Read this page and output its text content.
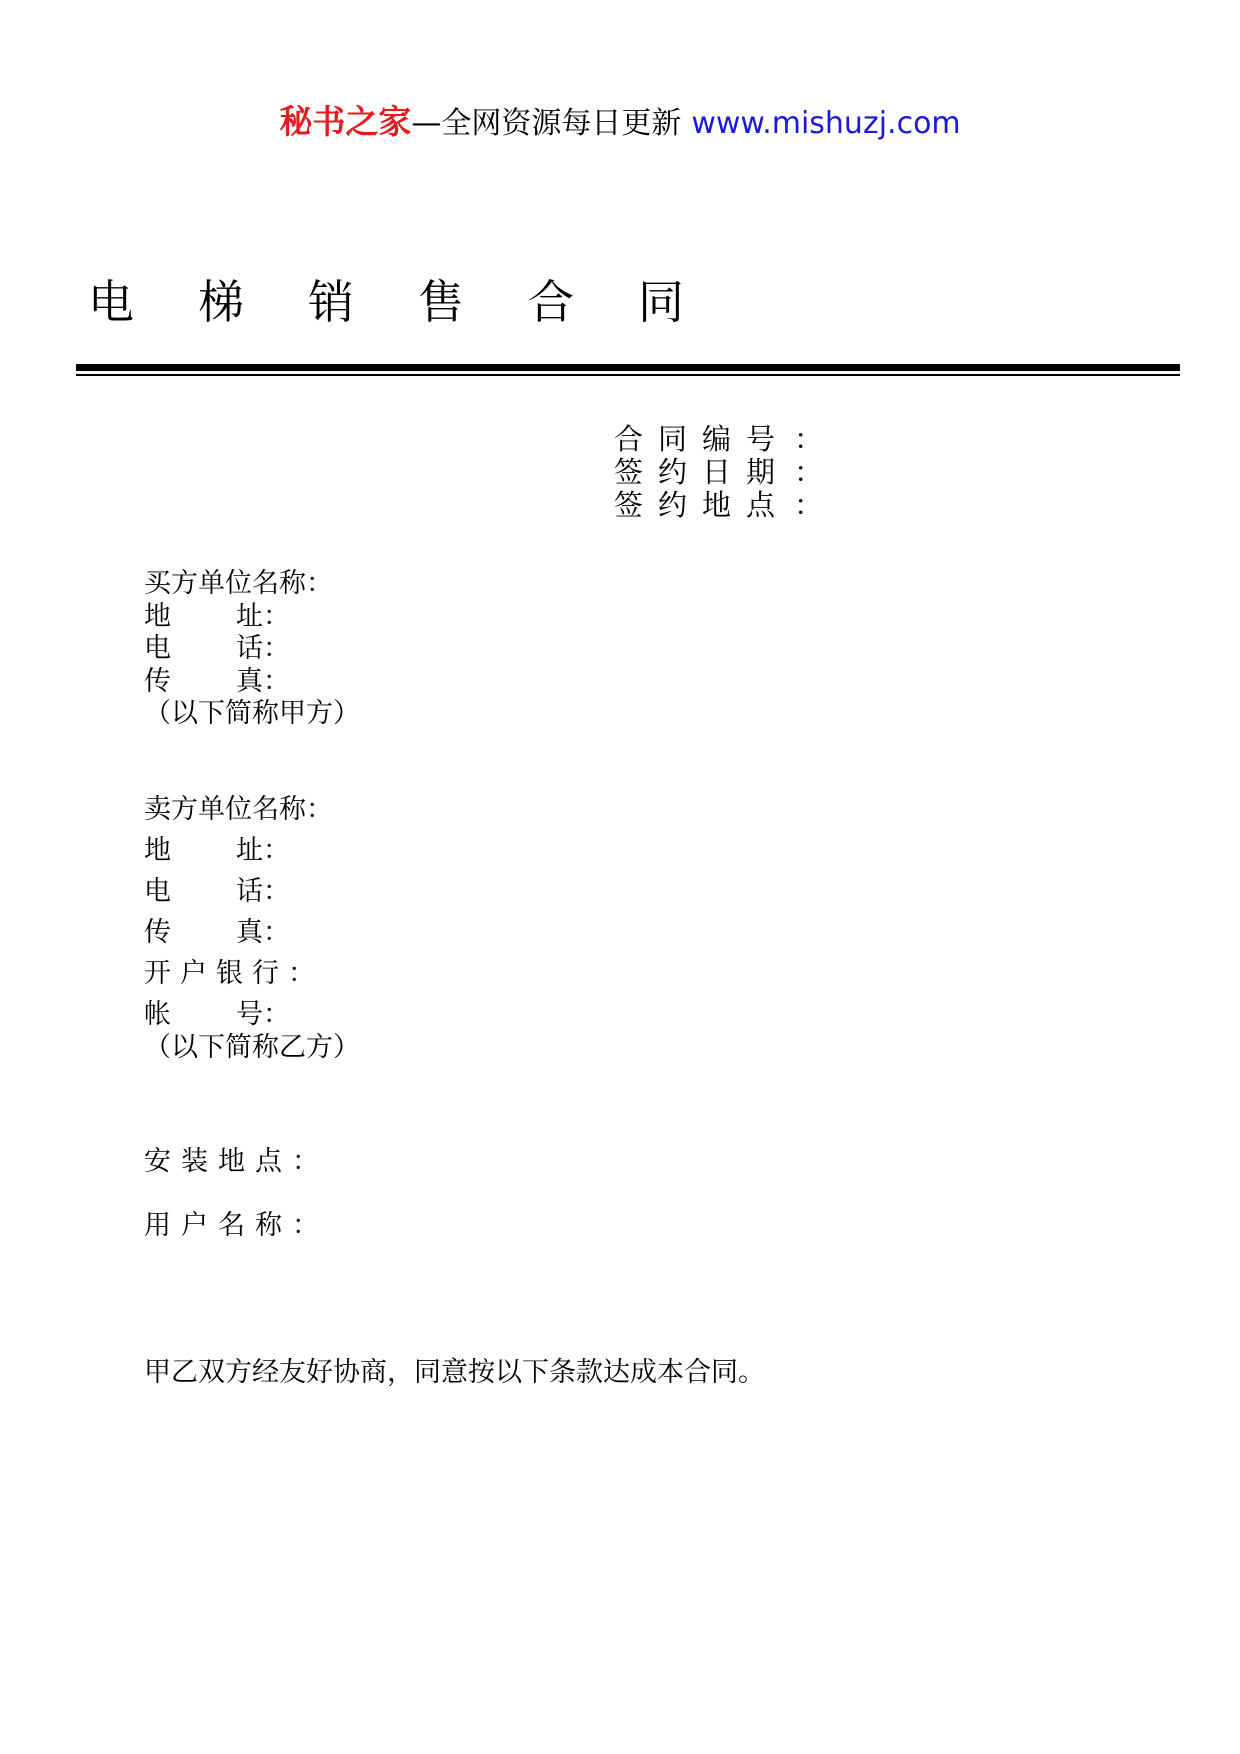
秘书之家—全网资源每日更新 www.mishuzj.com
电梯销售合同
合同编号 ：
签约日期 ：
签约地点 ：
买方单位名称：
地 址：
电 话：
传 真：
（以下简称甲方）
卖方单位名称：
地 址：
电 话：
传 真：
开户银行：
帐 号：
（以下简称乙方）
安装地点：
用户名称：
甲乙双方经友好协商，同意按以下条款达成本合同。
